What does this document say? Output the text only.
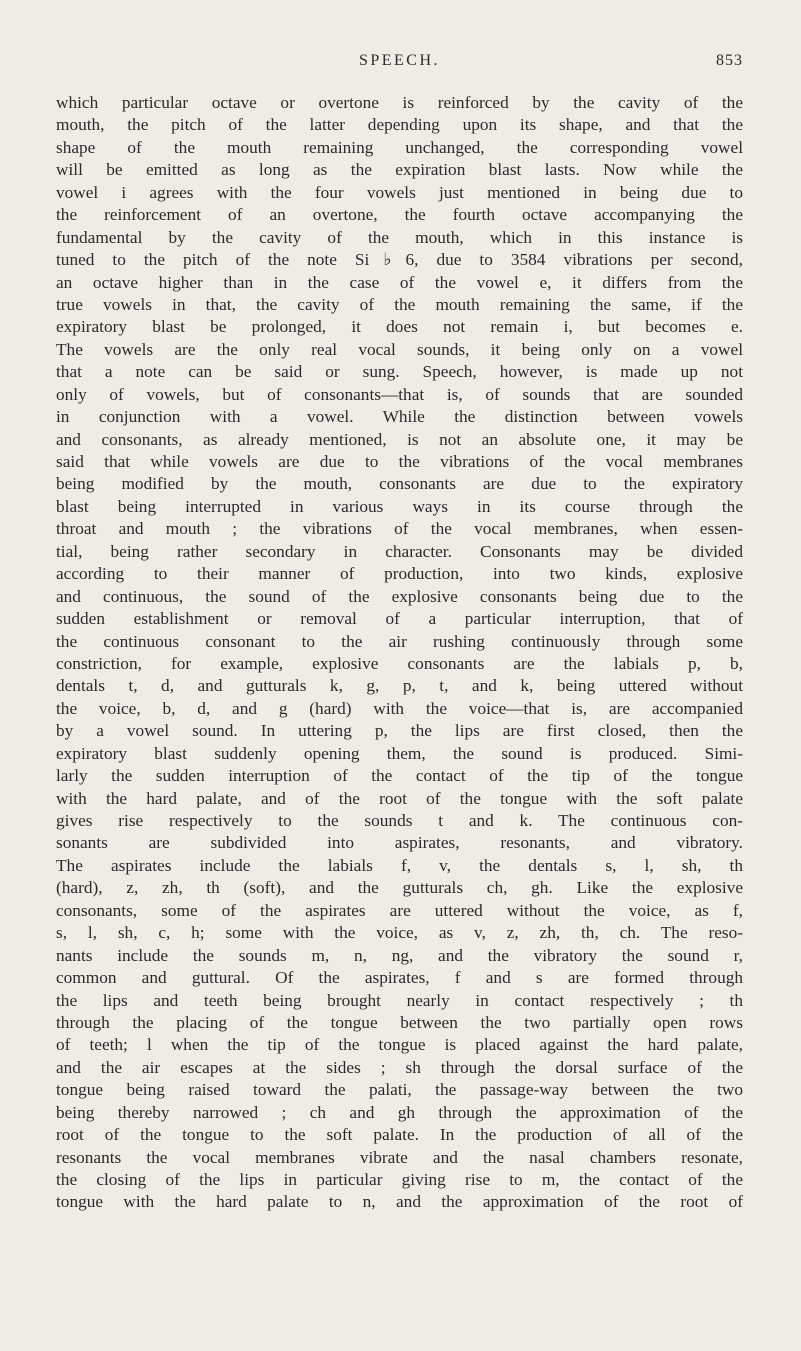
SPEECH.	853
which particular octave or overtone is reinforced by the cavity of the
mouth, the pitch of the latter depending upon its shape, and that the
shape of the mouth remaining unchanged, the corresponding vowel
will be emitted as long as the expiration blast lasts. Now while the
vowel i agrees with the four vowels just mentioned in being due to
the reinforcement of an overtone, the fourth octave accompanying the
fundamental by the cavity of the mouth, which in this instance is
tuned to the pitch of the note Si♭6, due to 3584 vibrations per second,
an octave higher than in the case of the vowel e, it differs from the
true vowels in that, the cavity of the mouth remaining the same, if the
expiratory blast be prolonged, it does not remain i, but becomes e.
The vowels are the only real vocal sounds, it being only on a vowel
that a note can be said or sung. Speech, however, is made up not
only of vowels, but of consonants—that is, of sounds that are sounded
in conjunction with a vowel. While the distinction between vowels
and consonants, as already mentioned, is not an absolute one, it may be
said that while vowels are due to the vibrations of the vocal membranes
being modified by the mouth, consonants are due to the expiratory
blast being interrupted in various ways in its course through the
throat and mouth ; the vibrations of the vocal membranes, when essen-
tial, being rather secondary in character. Consonants may be divided
according to their manner of production, into two kinds, explosive
and continuous, the sound of the explosive consonants being due to the
sudden establishment or removal of a particular interruption, that of
the continuous consonant to the air rushing continuously through some
constriction, for example, explosive consonants are the labials p, b,
dentals t, d, and gutturals k, g, p, t, and k, being uttered without
the voice, b, d, and g (hard) with the voice—that is, are accompanied
by a vowel sound. In uttering p, the lips are first closed, then the
expiratory blast suddenly opening them, the sound is produced. Simi-
larly the sudden interruption of the contact of the tip of the tongue
with the hard palate, and of the root of the tongue with the soft palate
gives rise respectively to the sounds t and k. The continuous con-
sonants are subdivided into aspirates, resonants, and vibratory.
The aspirates include the labials f, v, the dentals s, l, sh, th
(hard), z, zh, th (soft), and the gutturals ch, gh. Like the explosive
consonants, some of the aspirates are uttered without the voice, as f,
s, l, sh, c, h; some with the voice, as v, z, zh, th, ch. The reso-
nants include the sounds m, n, ng, and the vibratory the sound r,
common and guttural. Of the aspirates, f and s are formed through
the lips and teeth being brought nearly in contact respectively ; th
through the placing of the tongue between the two partially open rows
of teeth; l when the tip of the tongue is placed against the hard palate,
and the air escapes at the sides ; sh through the dorsal surface of the
tongue being raised toward the palati, the passage-way between the two
being thereby narrowed ; ch and gh through the approximation of the
root of the tongue to the soft palate. In the production of all of the
resonants the vocal membranes vibrate and the nasal chambers resonate,
the closing of the lips in particular giving rise to m, the contact of the
tongue with the hard palate to n, and the approximation of the root of
